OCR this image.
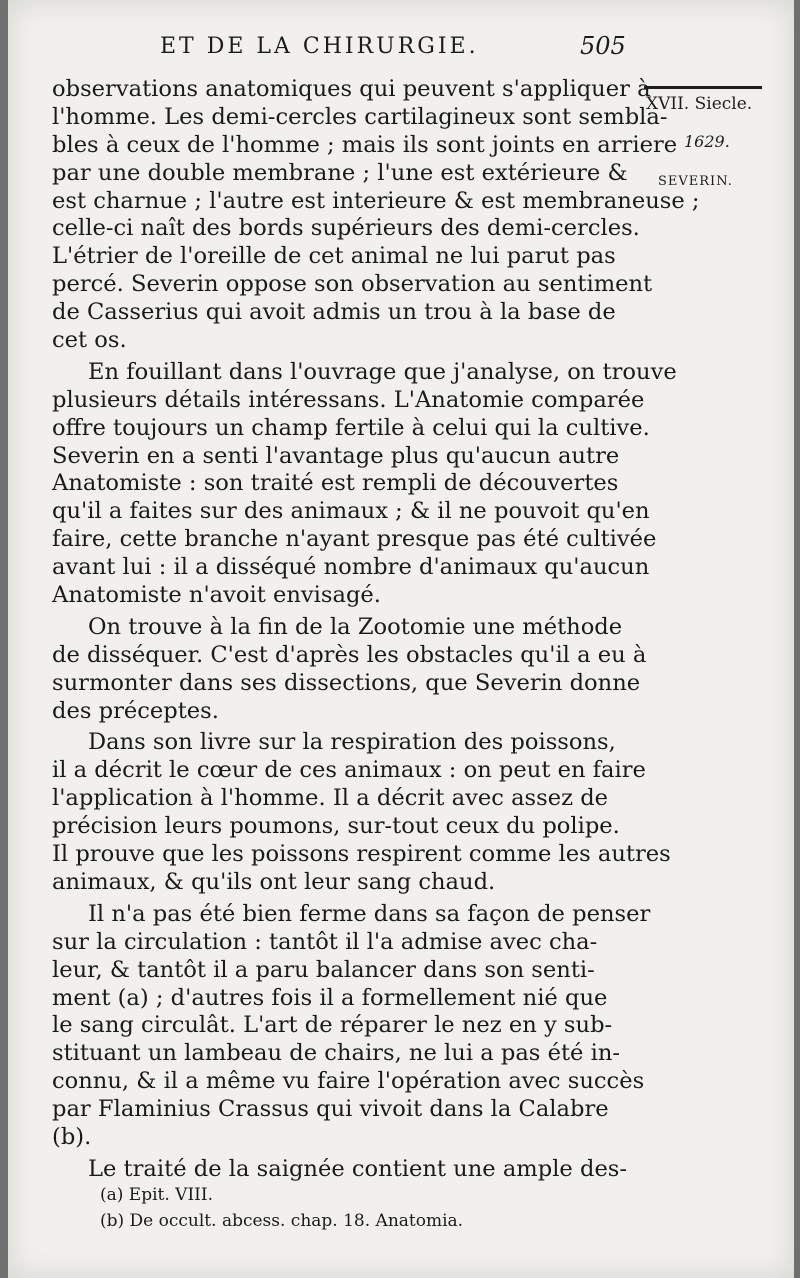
ET DE LA CHIRURGIE.	505
XVII. Siecle.
1629.
SEVERIN.
observations anatomiques qui peuvent s'appliquer à
l'homme. Les demi-cercles cartilagineux sont sembla-
bles à ceux de l'homme ; mais ils sont joints en arriere
par une double membrane ; l'une est extérieure &
est charnue ; l'autre est interieure & est membraneuse ;
celle-ci naît des bords supérieurs des demi-cercles.
L'étrier de l'oreille de cet animal ne lui parut pas
percé. Severin oppose son observation au sentiment
de Casserius qui avoit admis un trou à la base de
cet os.
En fouillant dans l'ouvrage que j'analyse, on trouve
plusieurs détails intéressans. L'Anatomie comparée
offre toujours un champ fertile à celui qui la cultive.
Severin en a senti l'avantage plus qu'aucun autre
Anatomiste : son traité est rempli de découvertes
qu'il a faites sur des animaux ; & il ne pouvoit qu'en
faire, cette branche n'ayant presque pas été cultivée
avant lui : il a disséqué nombre d'animaux qu'aucun
Anatomiste n'avoit envisagé.
On trouve à la fin de la Zootomie une méthode
de disséquer. C'est d'après les obstacles qu'il a eu à
surmonter dans ses dissections, que Severin donne
des préceptes.
Dans son livre sur la respiration des poissons,
il a décrit le cœur de ces animaux : on peut en faire
l'application à l'homme. Il a décrit avec assez de
précision leurs poumons, sur-tout ceux du polipe.
Il prouve que les poissons respirent comme les autres
animaux, & qu'ils ont leur sang chaud.
Il n'a pas été bien ferme dans sa façon de penser
sur la circulation : tantôt il l'a admise avec cha-
leur, & tantôt il a paru balancer dans son senti-
ment (a) ; d'autres fois il a formellement nié que
le sang circulât. L'art de réparer le nez en y sub-
stituant un lambeau de chairs, ne lui a pas été in-
connu, & il a même vu faire l'opération avec succès
par Flaminius Crassus qui vivoit dans la Calabre
(b).
Le traité de la saignée contient une ample des-
(a) Epit. VIII.
(b) De occult. abcess. chap. 18. Anatomia.
